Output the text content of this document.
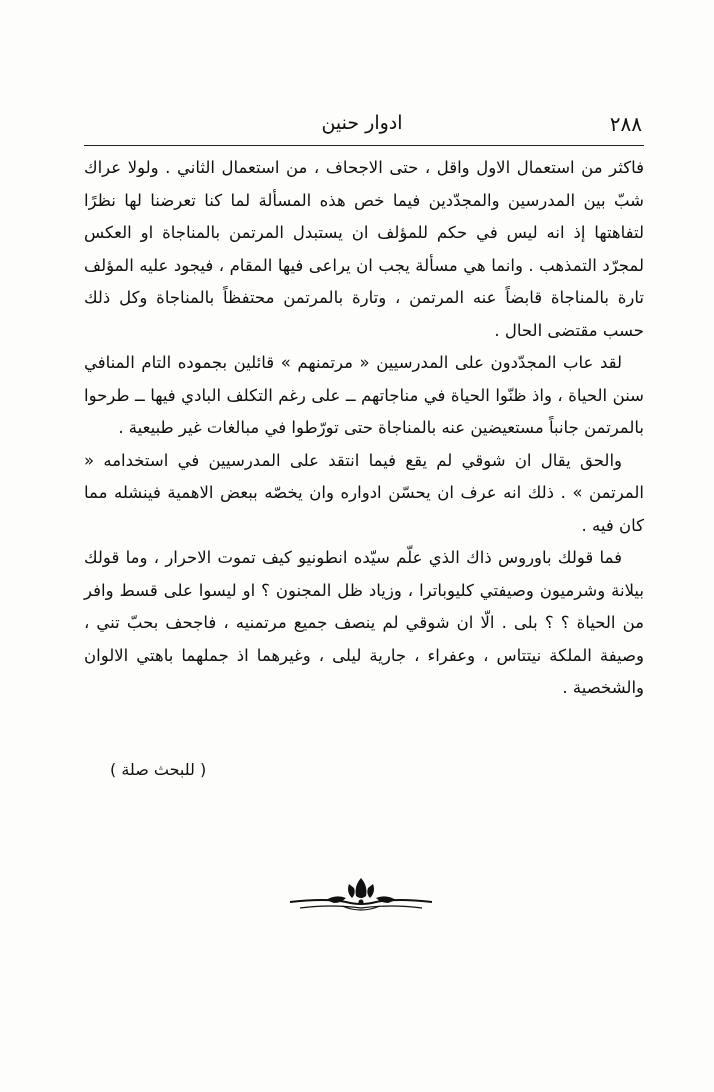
٢٨٨
ادوار حنين

فاكثر من استعمال الاول واقل ، حتى الاجحاف ، من استعمال الثاني . ولولا عراك شبّ بين المدرسين والمجدّدين فيما خص هذه المسألة لما كنا تعرضنا لها نظرًا لتفاهتها إذ انه ليس في حكم للمؤلف ان يستبدل المرتمن بالمناجاة او العكس لمجرّد التمذهب . وانما هي مسألة يجب ان يراعى فيها المقام ، فيجود عليه المؤلف تارة بالمناجاة قابضاً عنه المرتمن ، وتارة بالمرتمن محتفظاً بالمناجاة وكل ذلك حسب مقتضى الحال .

لقد عاب المجدّدون على المدرسيين « مرتمنهم » قائلين بجموده التام المنافي سنن الحياة ، واذ ظنّوا الحياة في مناجاتهم ــ على رغم التكلف البادي فيها ــ طرحوا بالمرتمن جانباً مستعيضين عنه بالمناجاة حتى تورّطوا في مبالغات غير طبيعية .

والحق يقال ان شوقي لم يقع فيما انتقد على المدرسيين في استخدامه « المرتمن » . ذلك انه عرف ان يحسّن ادواره وان يخصّه ببعض الاهمية فينشله مما كان فيه .

فما قولك باوروس ذاك الذي علّم سيّده انطونيو كيف تموت الاحرار ، وما قولك بيلانة وشرميون وصيفتي كليوباترا ، وزياد ظل المجنون ؟ او ليسوا على قسط وافر من الحياة ؟ ؟ بلى . الّا ان شوقي لم ينصف جميع مرتمنيه ، فاجحف بحبّ تني ، وصيفة الملكة نيتتاس ، وعفراء ، جارية ليلى ، وغيرهما اذ جملهما باهتي الالوان والشخصية .

( للبحث صلة )
